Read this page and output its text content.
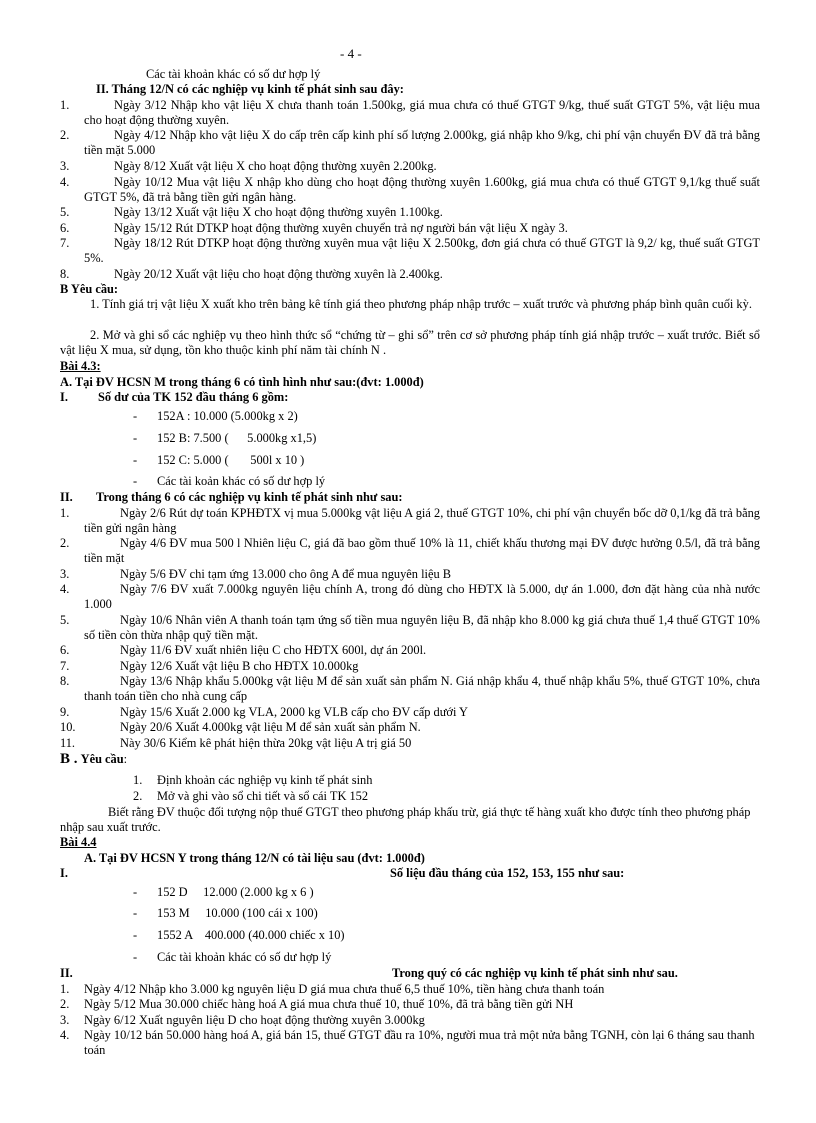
- 4 -
Các tài khoản khác có số dư hợp lý
II. Tháng 12/N có các nghiệp vụ kinh tế phát sinh sau đây:
1.	Ngày 3/12 Nhập kho vật liệu X chưa thanh toán 1.500kg, giá mua chưa có thuế GTGT 9/kg, thuế suất GTGT 5%, vật liệu mua cho hoạt động thường xuyên.
2.	Ngày 4/12 Nhập kho vật liệu X do cấp trên cấp kinh phí số lượng 2.000kg, giá nhập kho 9/kg, chi phí vận chuyển ĐV đã trả bằng tiền mặt 5.000
3.	Ngày 8/12 Xuất vật liệu X cho hoạt động thường xuyên 2.200kg.
4.	Ngày 10/12 Mua vật liệu X nhập kho dùng cho hoạt động thường xuyên 1.600kg, giá mua chưa có thuế GTGT 9,1/kg thuế suất GTGT 5%, đã trả bằng tiền gửi ngân hàng.
5.	Ngày 13/12 Xuất vật liệu X cho hoạt động thường xuyên 1.100kg.
6.	Ngày 15/12 Rút DTKP hoạt động thường xuyên chuyển trả nợ người bán vật liệu X ngày 3.
7.	Ngày 18/12 Rút DTKP hoạt động thường xuyên mua vật liệu X 2.500kg, đơn giá chưa có thuế GTGT là 9,2/ kg, thuế suất GTGT 5%.
8.	Ngày 20/12 Xuất vật liệu cho hoạt động thường xuyên là 2.400kg.
B Yêu cầu:
1. Tính giá trị vật liệu X xuất kho trên bảng kê tính giá theo phương pháp nhập trước – xuất trước và phương pháp bình quân cuối kỳ.
2. Mở và ghi sổ các nghiệp vụ theo hình thức sổ “chứng từ – ghi sổ” trên cơ sở phương pháp tính giá nhập trước – xuất trước. Biết sổ vật liệu X mua, sử dụng, tồn kho thuộc kinh phí năm tài chính N .
Bài 4.3:
A. Tại ĐV HCSN M trong tháng 6 có tình hình như sau:(đvt: 1.000đ)
I. Số dư của TK 152 đầu tháng 6 gồm:
- 152A : 10.000 (5.000kg x 2)
- 152 B: 7.500 (      5.000kg x1,5)
- 152 C: 5.000 (       500l x 10 )
- Các tài koản khác có số dư hợp lý
II. Trong tháng 6 có các nghiệp vụ kinh tế phát sinh như sau:
1.	Ngày 2/6 Rút dự toán KPHĐTX vị mua 5.000kg vật liệu A giá 2, thuế GTGT 10%, chi phí vận chuyển bốc dỡ 0,1/kg đã trả bằng tiền gửi ngân hàng
2.	Ngày 4/6 ĐV mua 500 l Nhiên liệu C, giá đã bao gồm thuế 10% là 11, chiết khấu thương mại ĐV được hưởng 0.5/l, đã trả bằng tiền mặt
3.	Ngày 5/6 ĐV chi tạm ứng 13.000 cho ông A để mua nguyên liệu B
4.	Ngày 7/6 ĐV xuất 7.000kg nguyên liệu chính A, trong đó dùng cho HĐTX là 5.000, dự án 1.000, đơn đặt hàng của nhà nước 1.000
5.	Ngày 10/6 Nhân viên A thanh toán tạm ứng số tiền mua nguyên liệu B, đã nhập kho 8.000 kg giá chưa thuế 1,4 thuế GTGT 10% số tiền còn thừa nhập quỹ tiền mặt.
6.	Ngày 11/6 ĐV xuất nhiên liệu C cho HĐTX 600l, dự án 200l.
7.	Ngày 12/6 Xuất vật liệu B cho HĐTX 10.000kg
8.	Ngày 13/6 Nhập khẩu 5.000kg vật liệu M để sản xuất sản phẩm N. Giá nhập khẩu 4, thuế nhập khẩu 5%, thuế GTGT 10%, chưa thanh toán tiền cho nhà cung cấp
9.	Ngày 15/6 Xuất 2.000 kg VLA, 2000 kg VLB cấp cho ĐV cấp dưới Y
10.	Ngày 20/6 Xuất 4.000kg vật liệu M để sản xuất sản phẩm N.
11.	Này 30/6 Kiểm kê phát hiện thừa 20kg vật liệu A trị giá 50
B . Yêu cầu:
1. Định khoản các nghiệp vụ kinh tế phát sinh
2. Mở và ghi vào sổ chi tiết và sổ cái TK 152
Biết rằng ĐV thuộc đối tượng nộp thuế GTGT theo phương pháp khấu trừ, giá thực tế hàng xuất kho được tính theo phương pháp nhập sau xuất trước.
Bài 4.4
A. Tại ĐV HCSN Y trong tháng 12/N có tài liệu sau (đvt: 1.000đ)
I.	Số liệu đầu tháng của 152, 153, 155 như sau:
- 152 D     12.000 (2.000 kg x 6 )
- 153 M     10.000 (100 cái x 100)
- 1552 A    400.000 (40.000 chiếc x 10)
- Các tài khoản khác có số dư hợp lý
II.	Trong quý có các nghiệp vụ kinh tế phát sinh như sau.
1. Ngày 4/12 Nhập kho 3.000 kg nguyên liệu D giá mua chưa thuế 6,5 thuế 10%, tiền hàng chưa thanh toán
2. Ngày 5/12 Mua 30.000 chiếc hàng hoá A giá mua chưa thuế 10, thuế 10%, đã trả bằng tiền gửi NH
3. Ngày 6/12 Xuất nguyên liệu D cho hoạt động thường xuyên 3.000kg
4. Ngày 10/12 bán 50.000 hàng hoá A, giá bán 15, thuế GTGT đầu ra 10%, người mua trả một nửa bằng TGNH, còn lại 6 tháng sau thanh toán
